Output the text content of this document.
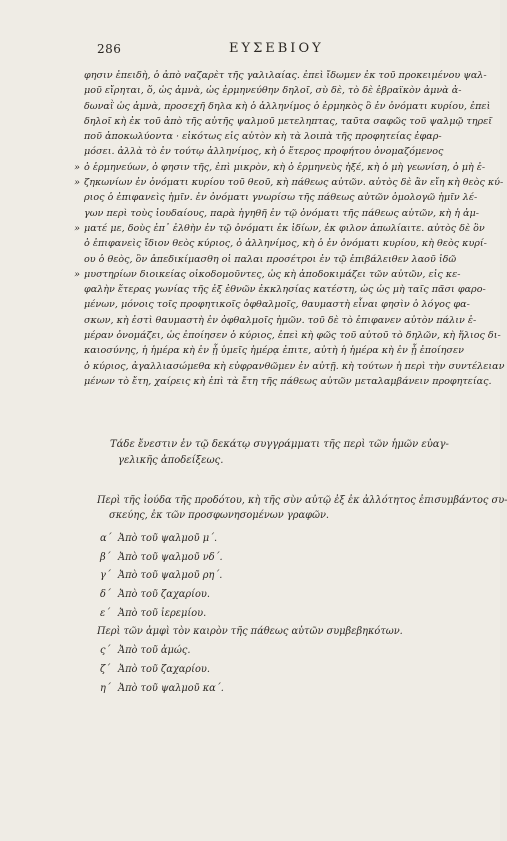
286	ΕΥΣΕΒΙΟΥ
φησιν ἐπειδὴ, ὁ ἀπὸ ναζαρὲτ τῆς γαλιλαίας. ἐπεὶ ἴδωμεν ἐκ τοῦ προκειμένου ψαλ-
μοῦ εἴρηται, ὅ, ὡς ἀμνὰ, ὡς ἑρμηνεύθην δηλοῖ, σὺ δὲ, τὸ δὲ ἑβραϊκὸν ἀμνὰ ἀ-
δωναῒ ὡς ἀμνὰ, προσεχῆ δηλα κὴ ὁ ἀλληνίμος ὁ ἑρμηκὸς ὃ ἐν ὀνόματι κυρίου, ἐπεὶ
δηλοῖ κὴ ἐκ τοῦ ἀπὸ τῆς αὐτῆς ψαλμοῦ μετεληπτας, ταῦτα σαφῶς τοῦ ψαλμῷ τηρεῖ
ποῦ ἀποκωλύοντα · εἰκότως εἰς αὐτὸν κὴ τὰ λοιπὰ τῆς προφητείας ἐφαρ-
μόσει. ἀλλὰ τὸ ἐν τούτῳ ἀλληνίμος, κὴ ὁ ἕτερος προφήτου ὀνομαζόμενος
» ὁ ἑρμηνεύων, ὁ φησιν τῆς, ἐπὶ μικρὸν, κὴ ὁ ἑρμηνεὺς ἠξέ, κὴ ὁ μὴ γεωνίση, ὁ μὴ ἐ-
» ζηκωνίων ἐν ὀνόματι κυρίου τοῦ θεοῦ, κὴ πάθεως αὐτῶν. αὐτὸς δὲ ἂν εἴη κὴ θεὸς κύ-
ριος ὁ ἐπιφανεὶς ἡμῖν. ἐν ὀνόματι γνωρίσω τῆς πάθεως αὐτῶν ὁμολογῶ ἡμῖν λέ-
γων περὶ τοὺς ἰουδαίους, παρὰ ἡγηθῆ ἐν τῷ ὀνόματι τῆς πάθεως αὐτῶν, κὴ ἡ ἀμ-
» ματέ με, δοὺς ἐπ᾽ ἐλθὴν ἐν τῷ ὀνόματι ἐκ ἰδίων, ἐκ φιλον ἀπωλίαιτε. αὐτὸς δὲ ὃν
ὁ ἐπιφανεὶς ἴδιον θεὸς κύριος, ὁ ἀλληνίμος, κὴ ὁ ἐν ὀνόματι κυρίου, κὴ θεὸς κυρί-
ου ὁ θεὸς, ὃν ἀπεδικίμασθη οἱ παλαι προσέτροι ἐν τῷ ἐπιβάλειθεν λαοῦ ἰδῶ
» μυστηρίων διοικείας οἰκοδομοῦντες, ὡς κὴ ἀποδοκιμάζει τῶν αὐτῶν, εἰς κε-
φαλὴν ἕτερας γωνίας τῆς ἐξ ἐθνῶν ἐκκλησίας κατέστη, ὡς ὡς μὴ ταῖς πᾶσι φαρο-
μένων, μόνοις τοῖς προφητικοῖς ὀφθαλμοῖς, θαυμαστὴ εἶναι φησὶν ὁ λόγος φα-
σκων, κὴ ἐστὶ θαυμαστὴ ἐν ὀφθαλμοῖς ἡμῶν. τοῦ δὲ τὸ ἐπιφανεν αὐτὸν πάλιν ἐ-
μέραν ὀνομάζει, ὡς ἐποίησεν ὁ κύριος, ἐπεὶ κὴ φῶς τοῦ αὐτοῦ τὸ δηλῶν, κὴ ἥλιος δι-
καιοσύνης, ἡ ἡμέρα κὴ ἐν ᾗ ὑμεῖς ἡμέρᾳ ἐπιτε, αὐτὴ ἡ ἡμέρα κὴ ἐν ᾗ ἐποίησεν
ὁ κύριος, ἀγαλλιασώμεθα κὴ εὐφρανθῶμεν ἐν αὐτῇ. κὴ τούτων ἡ περὶ τὴν συντέλειαν
μένων τὸ ἔτη, χαίρεις κὴ ἐπὶ τὰ ἔτη τῆς πάθεως αὐτῶν μεταλαμβάνειν προφητείας.
Τάδε ἔνεστιν ἐν τῷ δεκάτῳ συγγράμματι τῆς περὶ τῶν ἡμῶν εὐαγ-
γελικῆς ἀποδείξεως.
Περὶ τῆς ἰούδα τῆς προδότου, κὴ τῆς σὺν αὐτῷ ἐξ ἐκ ἀλλότητος ἐπισυμβάντος συ-
σκεύης, ἐκ τῶν προσφωνησομένων γραφῶν.
α΄ Ἀπὸ τοῦ ψαλμοῦ μ΄.
β΄ Ἀπὸ τοῦ ψαλμοῦ νδ΄.
γ΄ Ἀπὸ τοῦ ψαλμοῦ ρη΄.
δ΄ Ἀπὸ τοῦ ζαχαρίου.
ε΄ Ἀπὸ τοῦ ἰερεμίου.
Περὶ τῶν ἀμφὶ τὸν καιρὸν τῆς πάθεως αὐτῶν συμβεβηκότων.
ς΄ Ἀπὸ τοῦ ἀμώς.
ζ΄ Ἀπὸ τοῦ ζαχαρίου.
η΄ Ἀπὸ τοῦ ψαλμοῦ κα΄.
